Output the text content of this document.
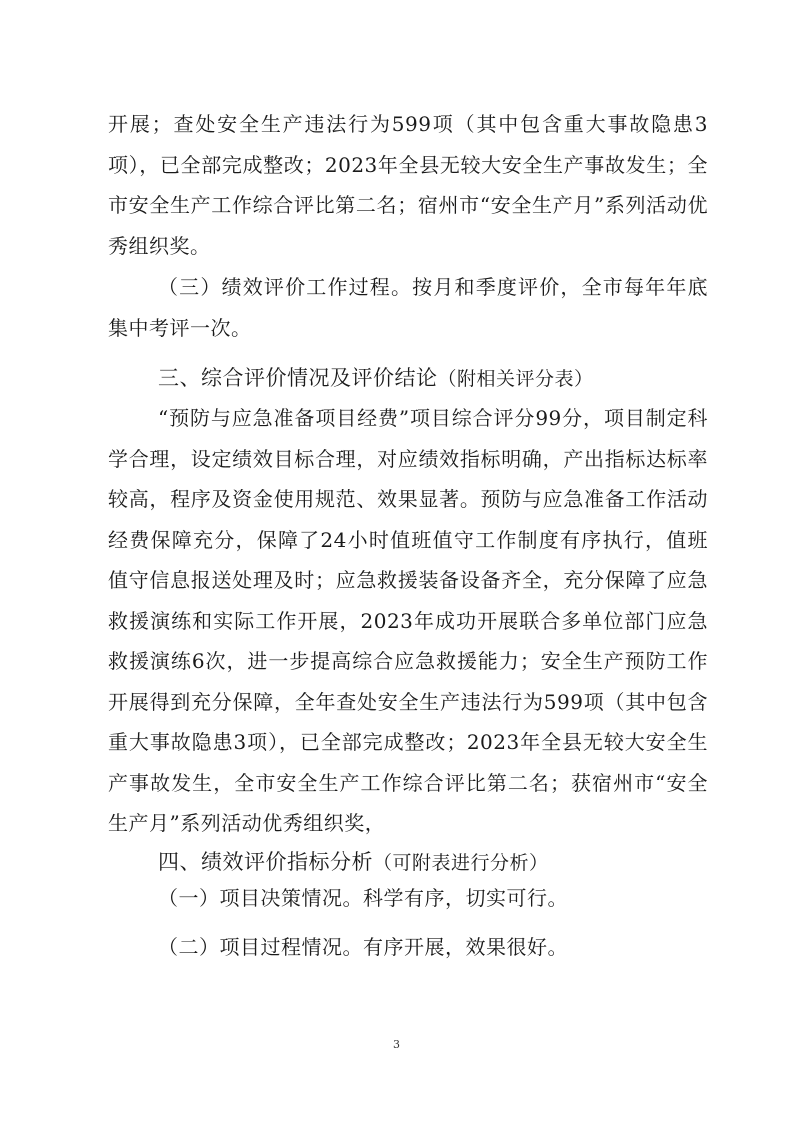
开展；查处安全生产违法行为599项（其中包含重大事故隐患3项），已全部完成整改；2023年全县无较大安全生产事故发生；全市安全生产工作综合评比第二名；宿州市“安全生产月”系列活动优秀组织奖。
（三）绩效评价工作过程。按月和季度评价，全市每年年底集中考评一次。
三、综合评价情况及评价结论（附相关评分表）
“预防与应急准备项目经费”项目综合评分99分，项目制定科学合理，设定绩效目标合理，对应绩效指标明确，产出指标达标率较高，程序及资金使用规范、效果显著。预防与应急准备工作活动经费保障充分，保障了24小时值班值守工作制度有序执行，值班值守信息报送处理及时；应急救援装备设备齐全，充分保障了应急救援演练和实际工作开展，2023年成功开展联合多单位部门应急救援演练6次，进一步提高综合应急救援能力；安全生产预防工作开展得到充分保障，全年查处安全生产违法行为599项（其中包含重大事故隐患3项），已全部完成整改；2023年全县无较大安全生产事故发生，全市安全生产工作综合评比第二名；获宿州市“安全生产月”系列活动优秀组织奖，
四、绩效评价指标分析（可附表进行分析）
（一）项目决策情况。科学有序，切实可行。
（二）项目过程情况。有序开展，效果很好。
3
